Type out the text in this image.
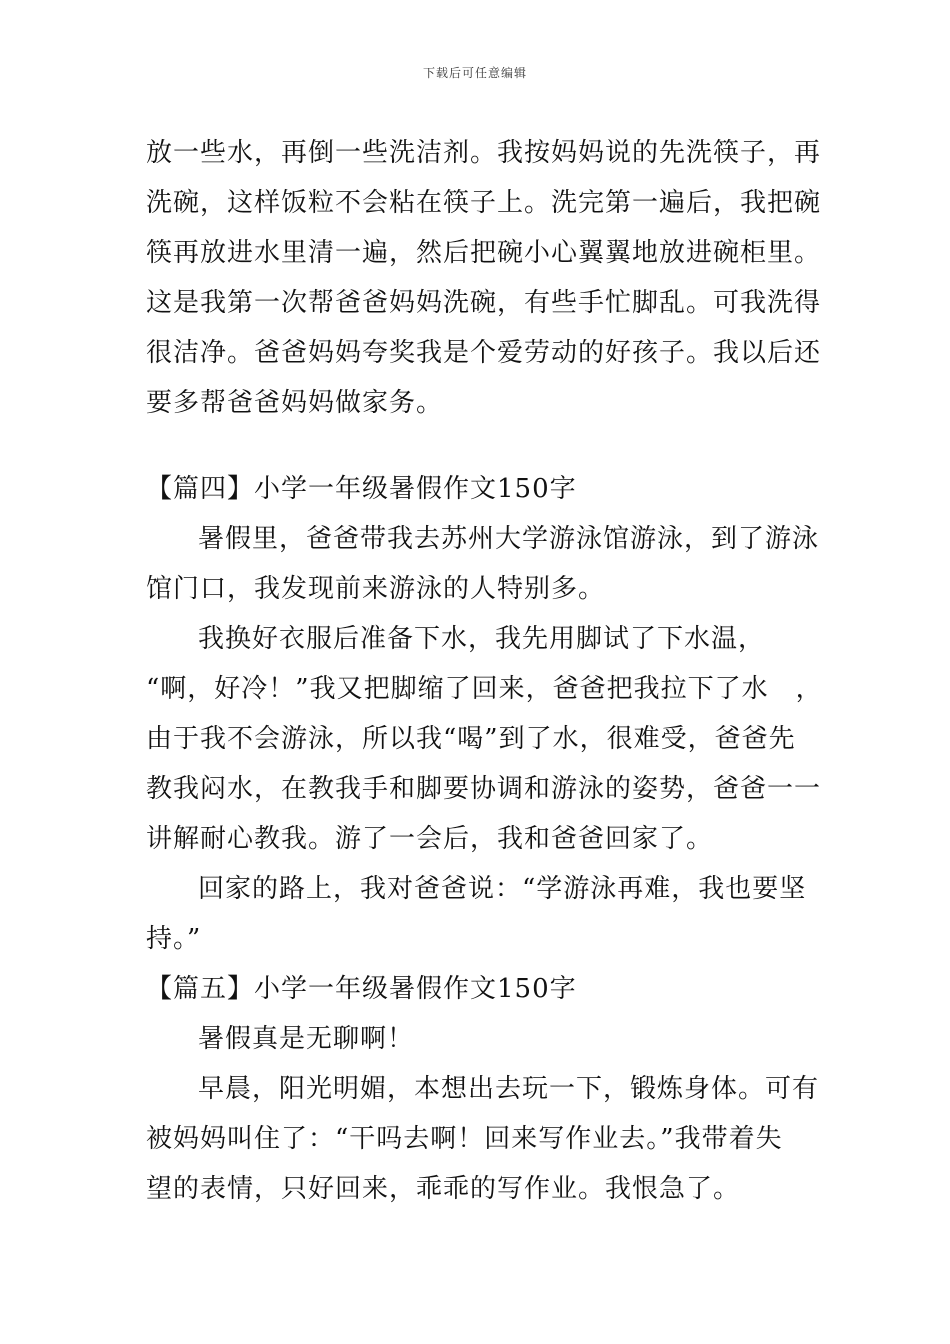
下载后可任意编辑
放一些水，再倒一些洗洁剂。我按妈妈说的先洗筷子，再
洗碗，这样饭粒不会粘在筷子上。洗完第一遍后，我把碗
筷再放进水里清一遍，然后把碗小心翼翼地放进碗柜里。
这是我第一次帮爸爸妈妈洗碗，有些手忙脚乱。可我洗得
很洁净。爸爸妈妈夸奖我是个爱劳动的好孩子。我以后还
要多帮爸爸妈妈做家务。
【篇四】小学一年级暑假作文150字
暑假里，爸爸带我去苏州大学游泳馆游泳，到了游泳
馆门口，我发现前来游泳的人特别多。
我换好衣服后准备下水，我先用脚试了下水温，
“啊，好冷！”我又把脚缩了回来，爸爸把我拉下了水　，
由于我不会游泳，所以我“喝”到了水，很难受，爸爸先
教我闷水，在教我手和脚要协调和游泳的姿势，爸爸一一
讲解耐心教我。游了一会后，我和爸爸回家了。
回家的路上，我对爸爸说：“学游泳再难，我也要坚
持。”
【篇五】小学一年级暑假作文150字
暑假真是无聊啊！
早晨，阳光明媚，本想出去玩一下，锻炼身体。可有
被妈妈叫住了：“干吗去啊！回来写作业去。”我带着失
望的表情，只好回来，乖乖的写作业。我恨急了。
